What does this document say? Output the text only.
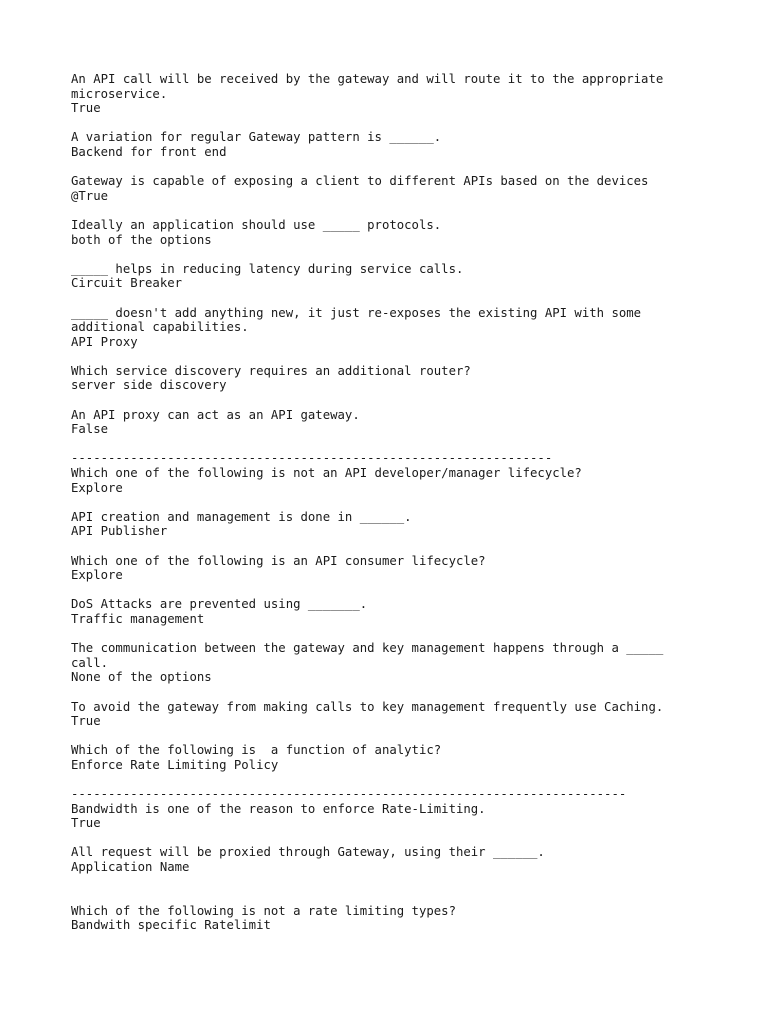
An API call will be received by the gateway and will route it to the appropriate
microservice.
True
A variation for regular Gateway pattern is ______.
Backend for front end
Gateway is capable of exposing a client to different APIs based on the devices
@True
Ideally an application should use _____ protocols.
both of the options
_____ helps in reducing latency during service calls.
Circuit Breaker
_____ doesn't add anything new, it just re-exposes the existing API with some
additional capabilities.
API Proxy
Which service discovery requires an additional router?
server side discovery
An API proxy can act as an API gateway.
False
-----------------------------------------------------------------
Which one of the following is not an API developer/manager lifecycle?
Explore
API creation and management is done in ______.
API Publisher
Which one of the following is an API consumer lifecycle?
Explore
DoS Attacks are prevented using _______.
Traffic management
The communication between the gateway and key management happens through a _____
call.
None of the options
To avoid the gateway from making calls to key management frequently use Caching.
True
Which of the following is  a function of analytic?
Enforce Rate Limiting Policy
---------------------------------------------------------------------------
Bandwidth is one of the reason to enforce Rate-Limiting.
True
All request will be proxied through Gateway, using their ______.
Application Name
Which of the following is not a rate limiting types?
Bandwith specific Ratelimit
